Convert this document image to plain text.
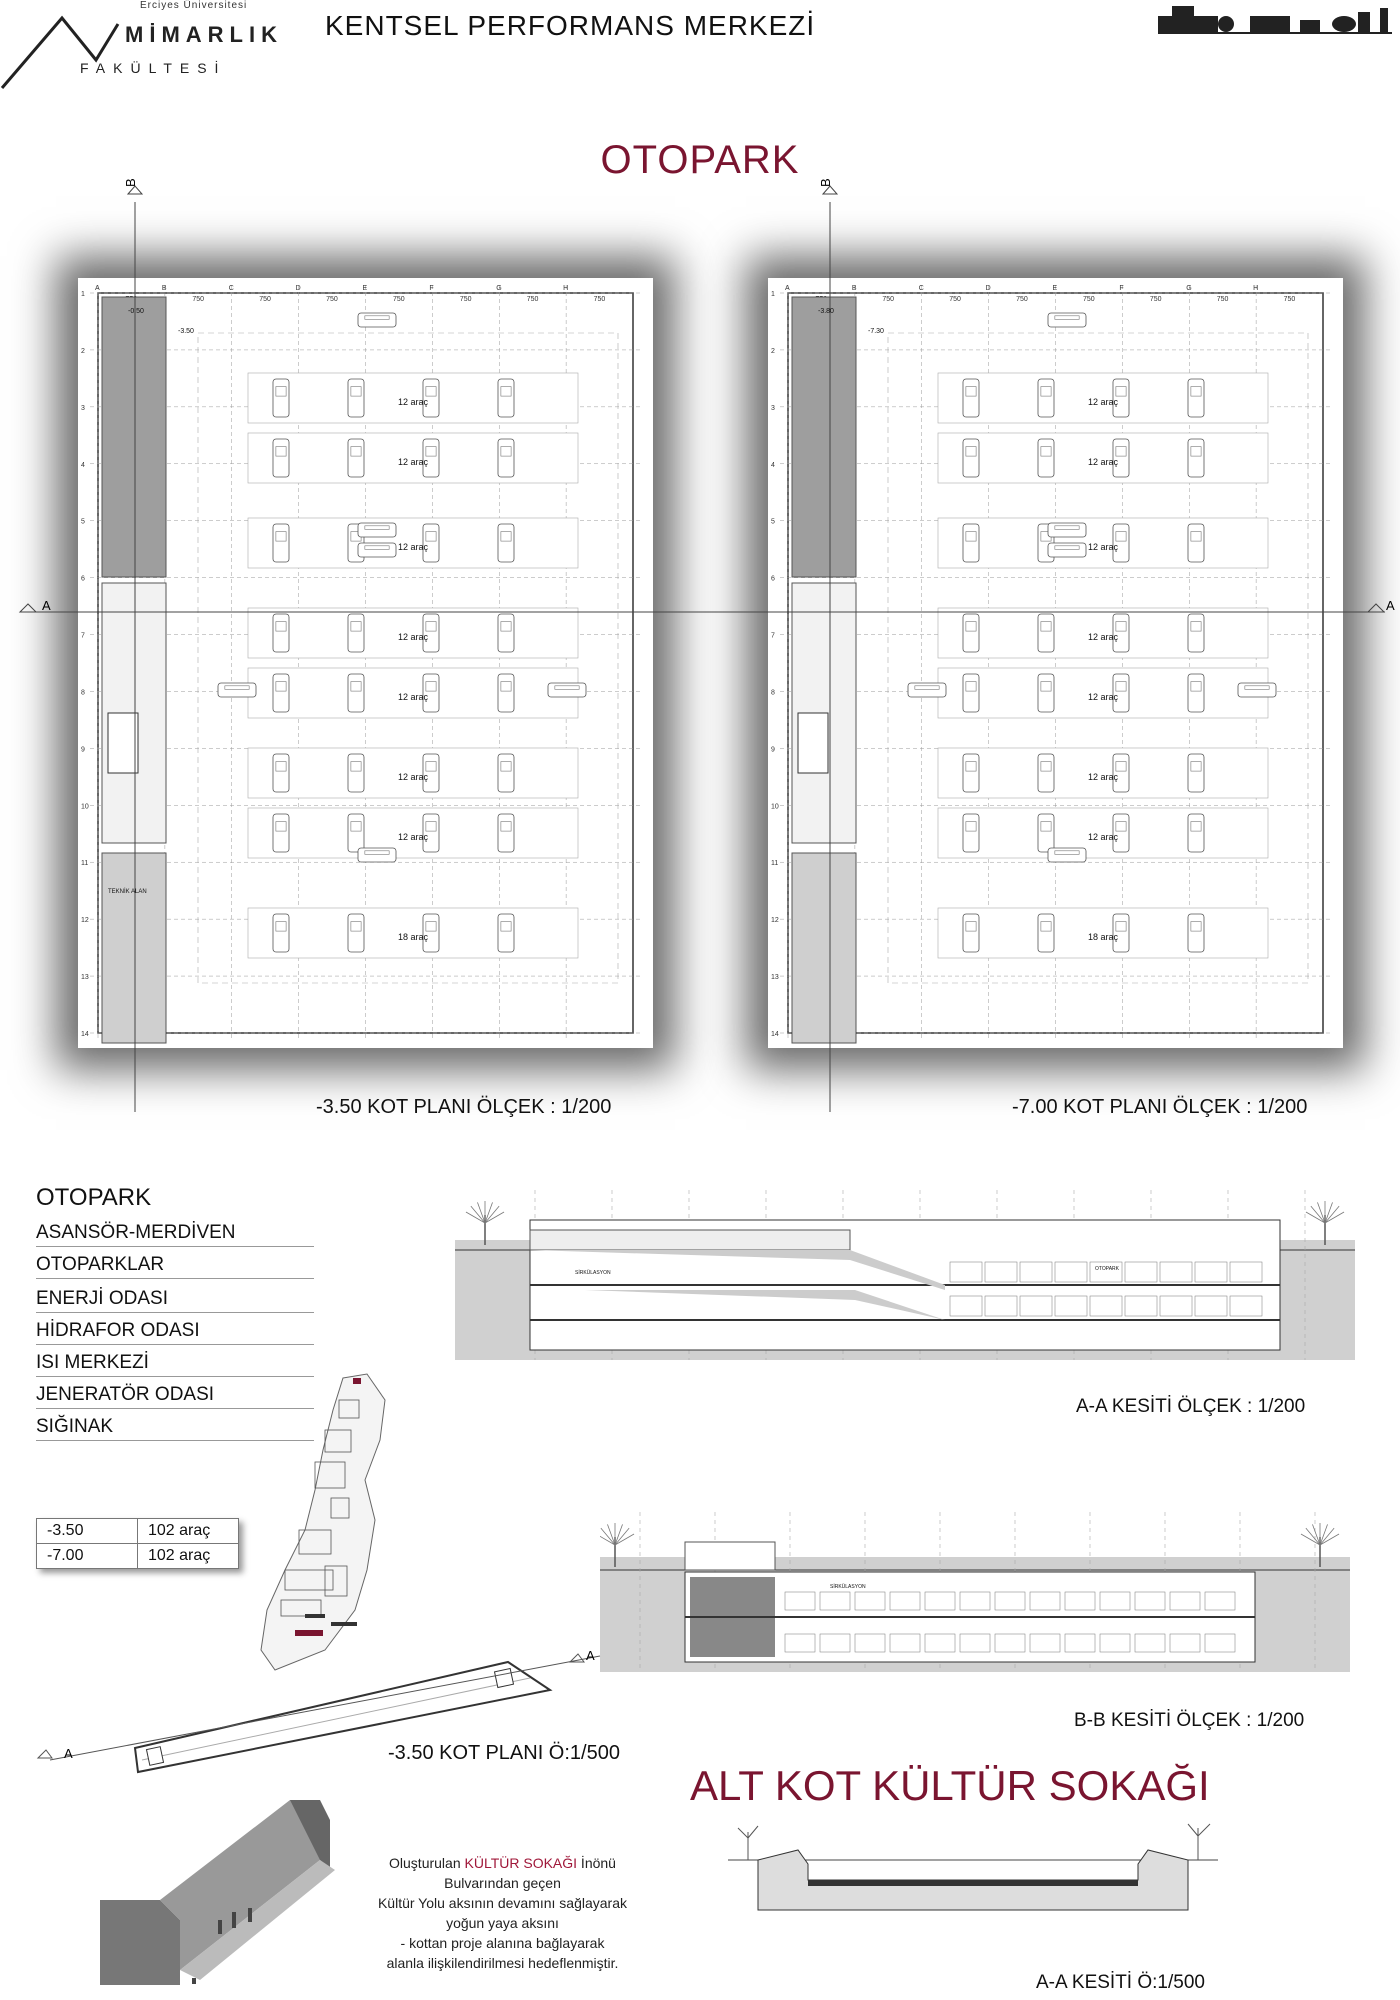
Erciyes Üniversitesi
MİMARLIK
FAKÜLTESİ
KENTSEL PERFORMANS MERKEZİ
OTOPARK
A	B
750
C
750
D
750
E
750
F
750
G
750
H
750
1
2
3
4
5
6
7
8
9
10
11
12
13
14
-0.50
TEKNİK ALAN
-3.50
12 araç
12 araç
12 araç
12 araç
12 araç
12 araç
12 araç
18 araç
-3.50 KOT PLANI ÖLÇEK : 1/200
A	B
750
C
750
D
750
E
750
F
750
G
750
H
750
1
2
3
4
5
6
7
8
9
10
11
12
13
14
-3.80
-7.30
12 araç
12 araç
12 araç
12 araç
12 araç
12 araç
12 araç
18 araç
-7.00 KOT PLANI ÖLÇEK : 1/200
A	A
B	B
OTOPARK
ASANSÖR-MERDİVEN
OTOPARKLAR
ENERJİ ODASI
HİDRAFOR ODASI
ISI MERKEZİ
JENERATÖR ODASI
SIĞINAK
-3.50	102 araç
-7.00	102 araç
SİRKÜLASYON
OTOPARK
A-A KESİTİ ÖLÇEK : 1/200
SİRKÜLASYON
B-B KESİTİ ÖLÇEK : 1/200
A
A
-3.50 KOT PLANI Ö:1/500
ALT KOT KÜLTÜR SOKAĞI
Oluşturulan KÜLTÜR SOKAĞI İnönü
Bulvarından geçen
Kültür Yolu aksının devamını sağlayarak
yoğun yaya aksını
- kottan proje alanına bağlayarak
alanla ilişkilendirilmesi hedeflenmiştir.
A-A KESİTİ Ö:1/500
